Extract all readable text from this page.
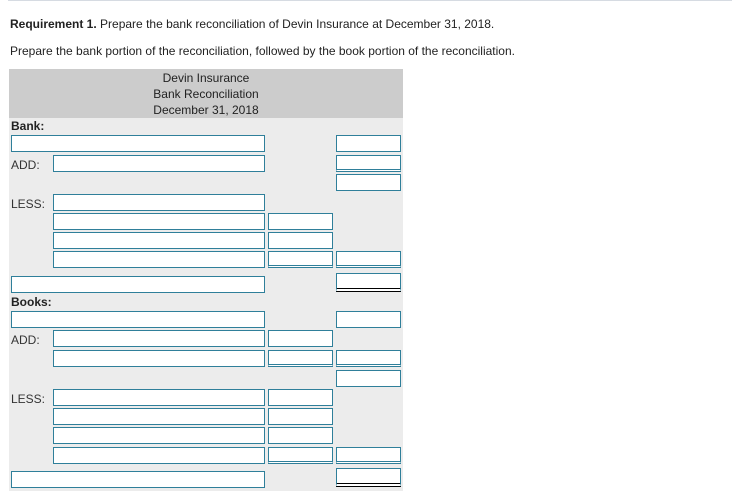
Requirement 1. Prepare the bank reconciliation of Devin Insurance at December 31, 2018.
Prepare the bank portion of the reconciliation, followed by the book portion of the reconciliation.
Devin Insurance
Bank Reconciliation
December 31, 2018
Bank:
ADD:
LESS:
Books:
ADD:
LESS:
